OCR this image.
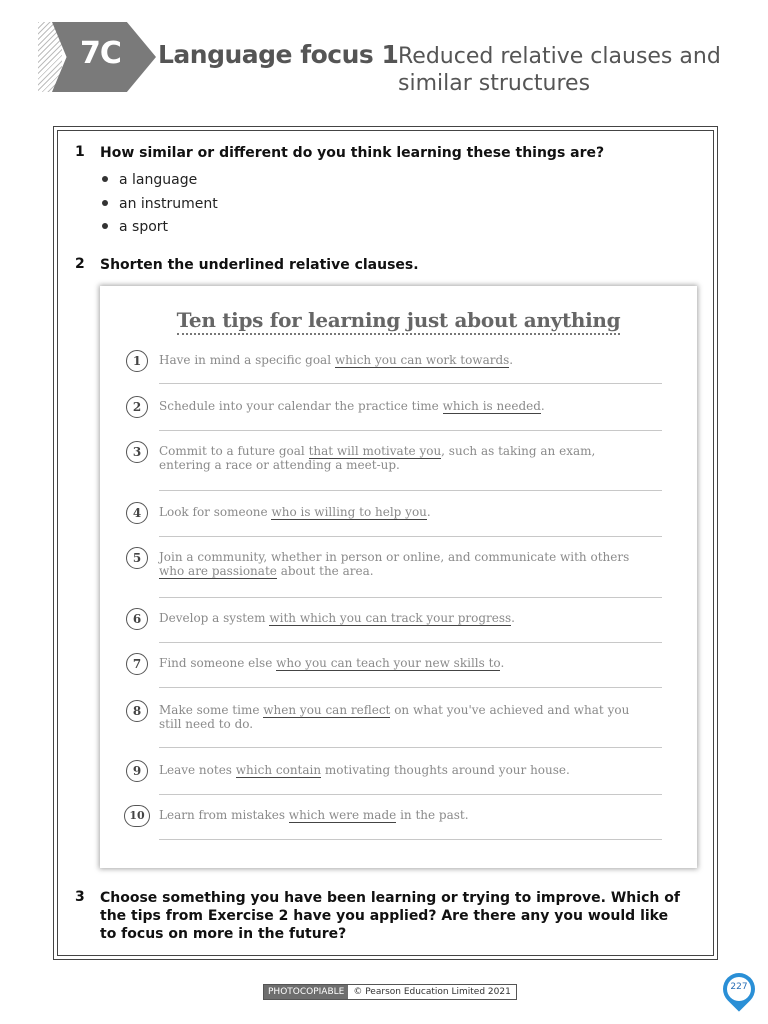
7C Language focus 1 Reduced relative clauses and similar structures
1 How similar or different do you think learning these things are?
a language
an instrument
a sport
2 Shorten the underlined relative clauses.
Ten tips for learning just about anything
1	Have in mind a specific goal which you can work towards.
2	Schedule into your calendar the practice time which is needed.
3	Commit to a future goal that will motivate you, such as taking an exam, entering a race or attending a meet-up.
4	Look for someone who is willing to help you.
5	Join a community, whether in person or online, and communicate with others who are passionate about the area.
6	Develop a system with which you can track your progress.
7	Find someone else who you can teach your new skills to.
8	Make some time when you can reflect on what you've achieved and what you still need to do.
9	Leave notes which contain motivating thoughts around your house.
10	Learn from mistakes which were made in the past.
3 Choose something you have been learning or trying to improve. Which of the tips from Exercise 2 have you applied? Are there any you would like to focus on more in the future?
PHOTOCOPIABLE	© Pearson Education Limited 2021	227
